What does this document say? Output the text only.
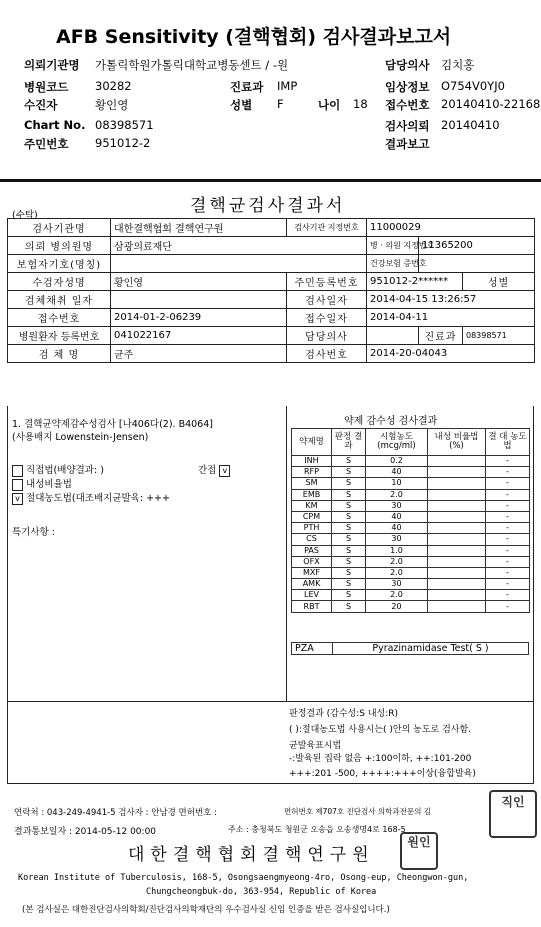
AFB Sensitivity (결핵협회) 검사결과보고서
의뢰기관명 가톨릭학원가톨릭대학교병동센트 / -원
병원코드 30282
수진자	황인영
Chart No. 08398571
주민번호 951012-2
진료과 IMP
성별 F	나이 18
담당의사 김치홍
임상정보 O754V0YJ0
접수번호 20140410-22168
검사의뢰 20140410
결과보고
(수탁)	결핵균검사결과서
검사기관명	대한결핵협회 결핵연구원	검사기관 지정번호	11000029		
의뢰 병의원명	삼광의료재단		병 · 의원 지정번호	11365200	
보험자기호(명칭)			건강보험 증번호		
수검자성명	황인영	주민등록번호	951012-2******		성별
검체채취 일자		검사일자	2014-04-15 13:26:57		
접수번호	2014-01-2-06239	접수일자	2014-04-11		
병원환자 등록번호	041022167	담당의사		진료과	08398571
검 체 명	균주	검사번호	2014-20-04043		
1. 결핵균약제감수성검사 [나406다(2). B4064]
(사용배지 Lowenstein-Jensen)
직접법(배양결과: )	간접 v
내성비율법
v 절대농도법(대조배지균발육: +++
특기사항 :
약제 감수성 검사결과
약제명	판정 결과	시험농도 (mcg/ml)	내성 비율법(%)	결 대 농도법
INH	S	0.2		-
RFP	S	40		-
SM	S	10		-
EMB	S	2.0		-
KM	S	30		-
CPM	S	40		-
PTH	S	40		-
CS	S	30		-
PAS	S	1.0		-
OFX	S	2.0		-
MXF	S	2.0		-
AMK	S	30		-
LEV	S	2.0		-
RBT	S	20		-
PZA	Pyrazinamidase Test( S )
판정결과 (감수성:S 내성:R)
( ):절대농도법 사용시는( )안의 농도로 검사함.
균발육표시법
-:발육된 집락 없음 +:100이하, ++:101-200
+++:201 -500, ++++:+++이상(융합발육)
연락처 : 043-249-4941-5 검사자 : 안남경 면허번호 :	면허번호 제707호 진단검사 의학과전문의 김
결과통보일자 : 2014-05-12 00:00	주소 : 충청북도 청원군 오송읍 오송생명4로 168-5
대한결핵협회결핵연구원
Korean Institute of Tuberculosis, 168-5, Osongsaengmyeong-4ro, Osong-eup, Cheongwon-gun,
Chungcheongbuk-do, 363-954, Republic of Korea
(본 검사실은 대한진단검사의학회/진단검사의학재단의 우수검사실 신임 인증을 받은 검사실입니다.)
직인
원인
